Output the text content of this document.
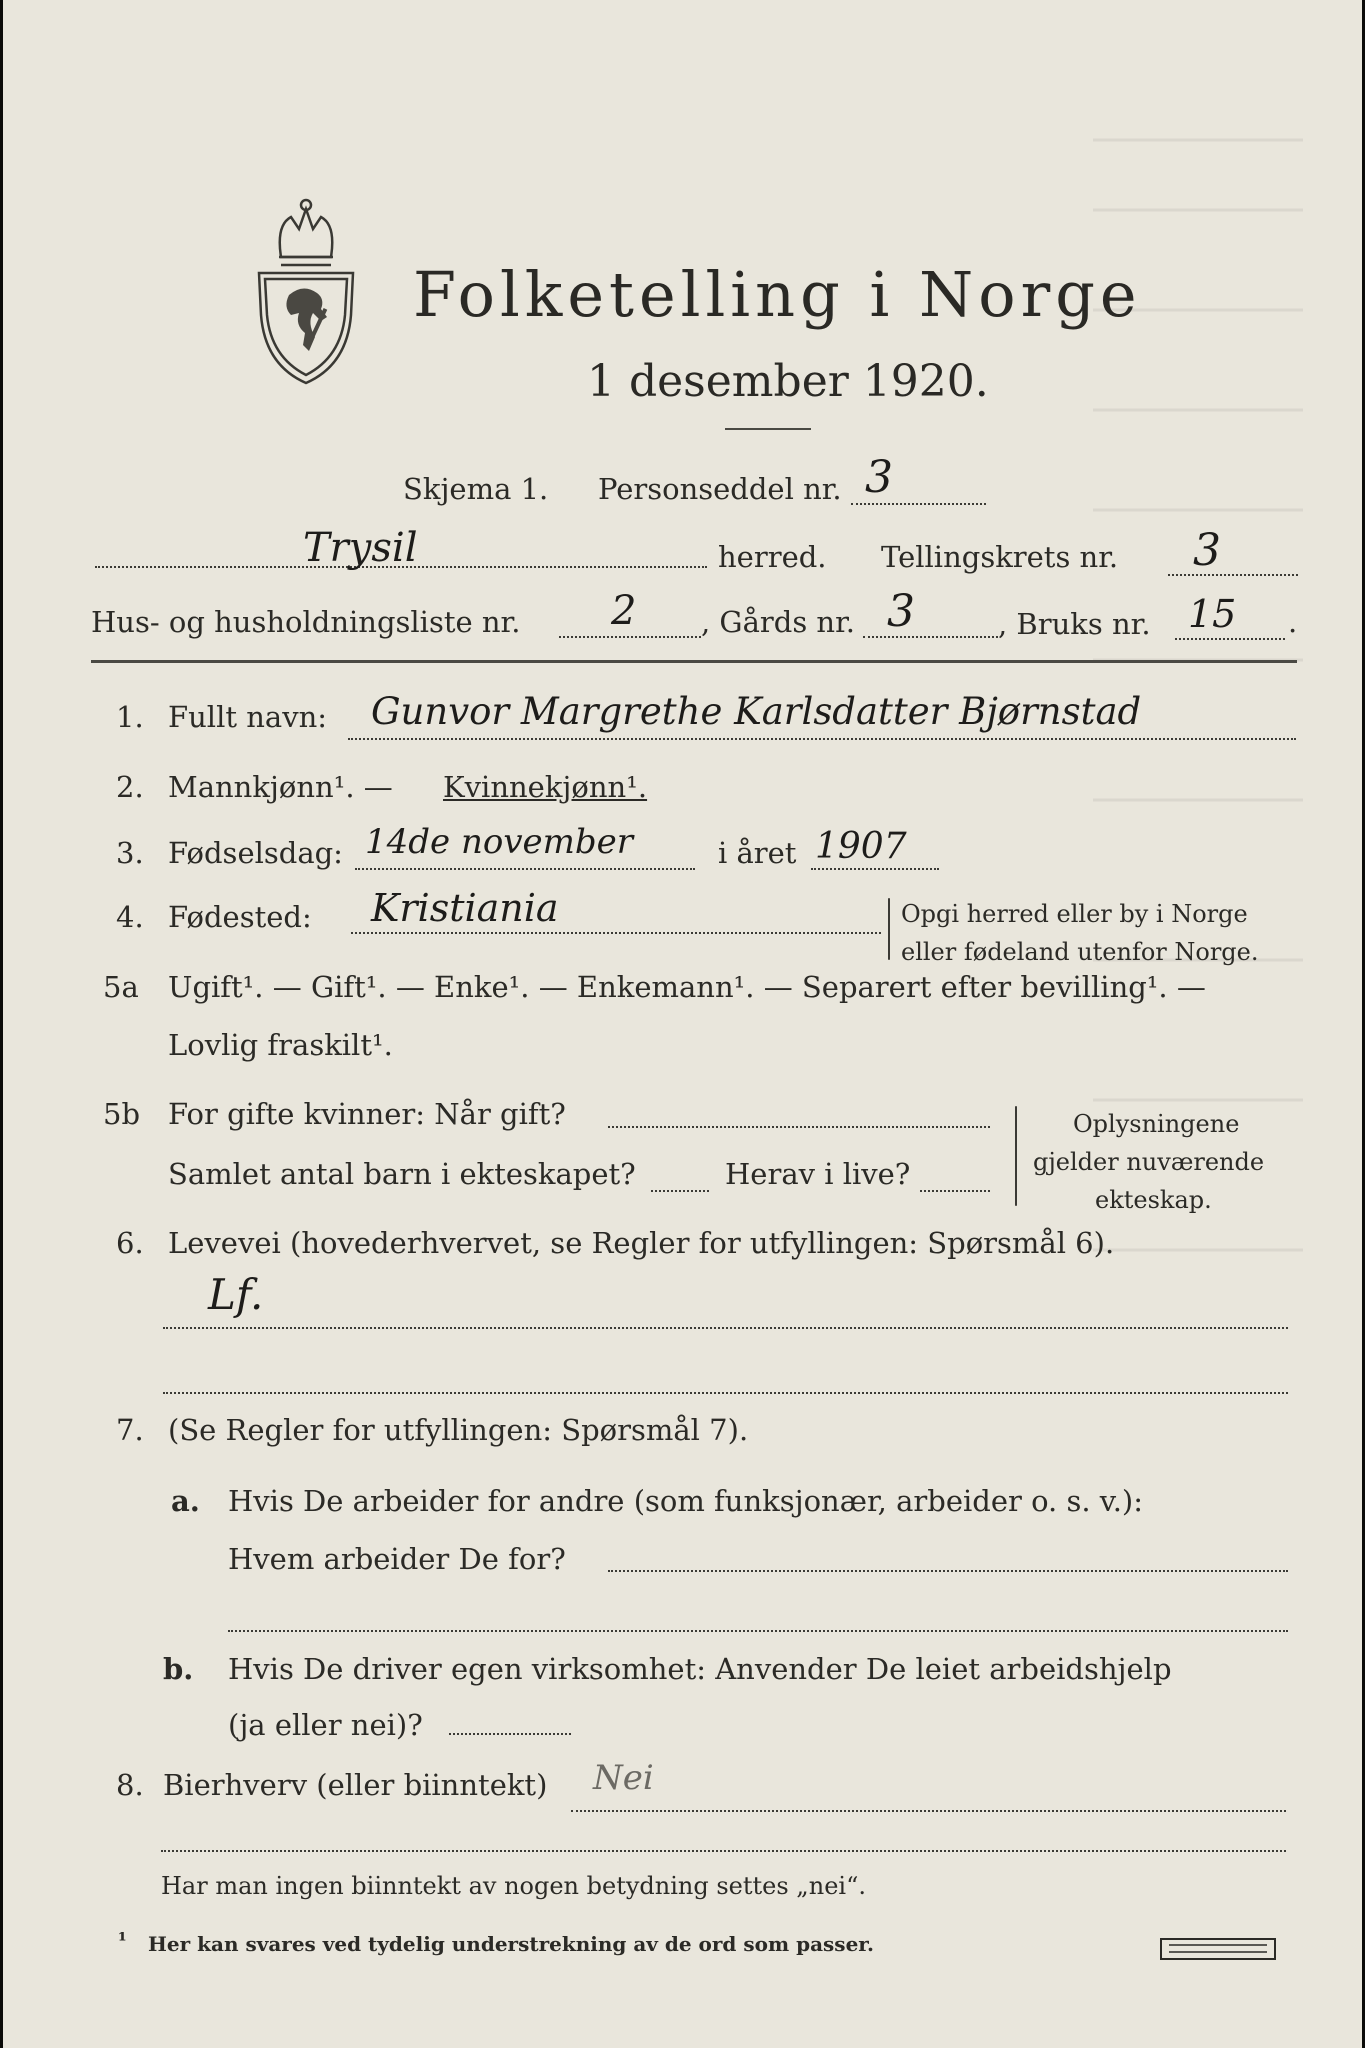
Folketelling i Norge
1 desember 1920.
Skjema 1. Personseddel nr. 3
Trysil	herred. Tellingskrets nr. 3
Hus- og husholdningsliste nr. 2 , Gårds nr. 3	, Bruks nr. 15 .
1. Fullt navn: Gunvor Margrethe Karlsdatter Bjørnstad
2. Mannkjønn¹. — Kvinnekjønn¹.
3. Fødselsdag: 14de november	i året 1907
4. Fødested: Kristiania	Opgi herred eller by i Norge
eller fødeland utenfor Norge.
5a Ugift¹. — Gift¹. — Enke¹. — Enkemann¹. — Separert efter bevilling¹. —
Lovlig fraskilt¹.
5b For gifte kvinner: Når gift?
Samlet antal barn i ekteskapet?	Herav i live?
Oplysningene
gjelder nuværende
ekteskap.
6. Levevei (hovederhvervet, se Regler for utfyllingen: Spørsmål 6).
Lf.
7. (Se Regler for utfyllingen: Spørsmål 7).
a. Hvis De arbeider for andre (som funksjonær, arbeider o. s. v.):
Hvem arbeider De for?
b. Hvis De driver egen virksomhet: Anvender De leiet arbeidshjelp
(ja eller nei)?
8. Bierhverv (eller biinntekt) Nei
Har man ingen biinntekt av nogen betydning settes „nei“.
¹ Her kan svares ved tydelig understrekning av de ord som passer.
